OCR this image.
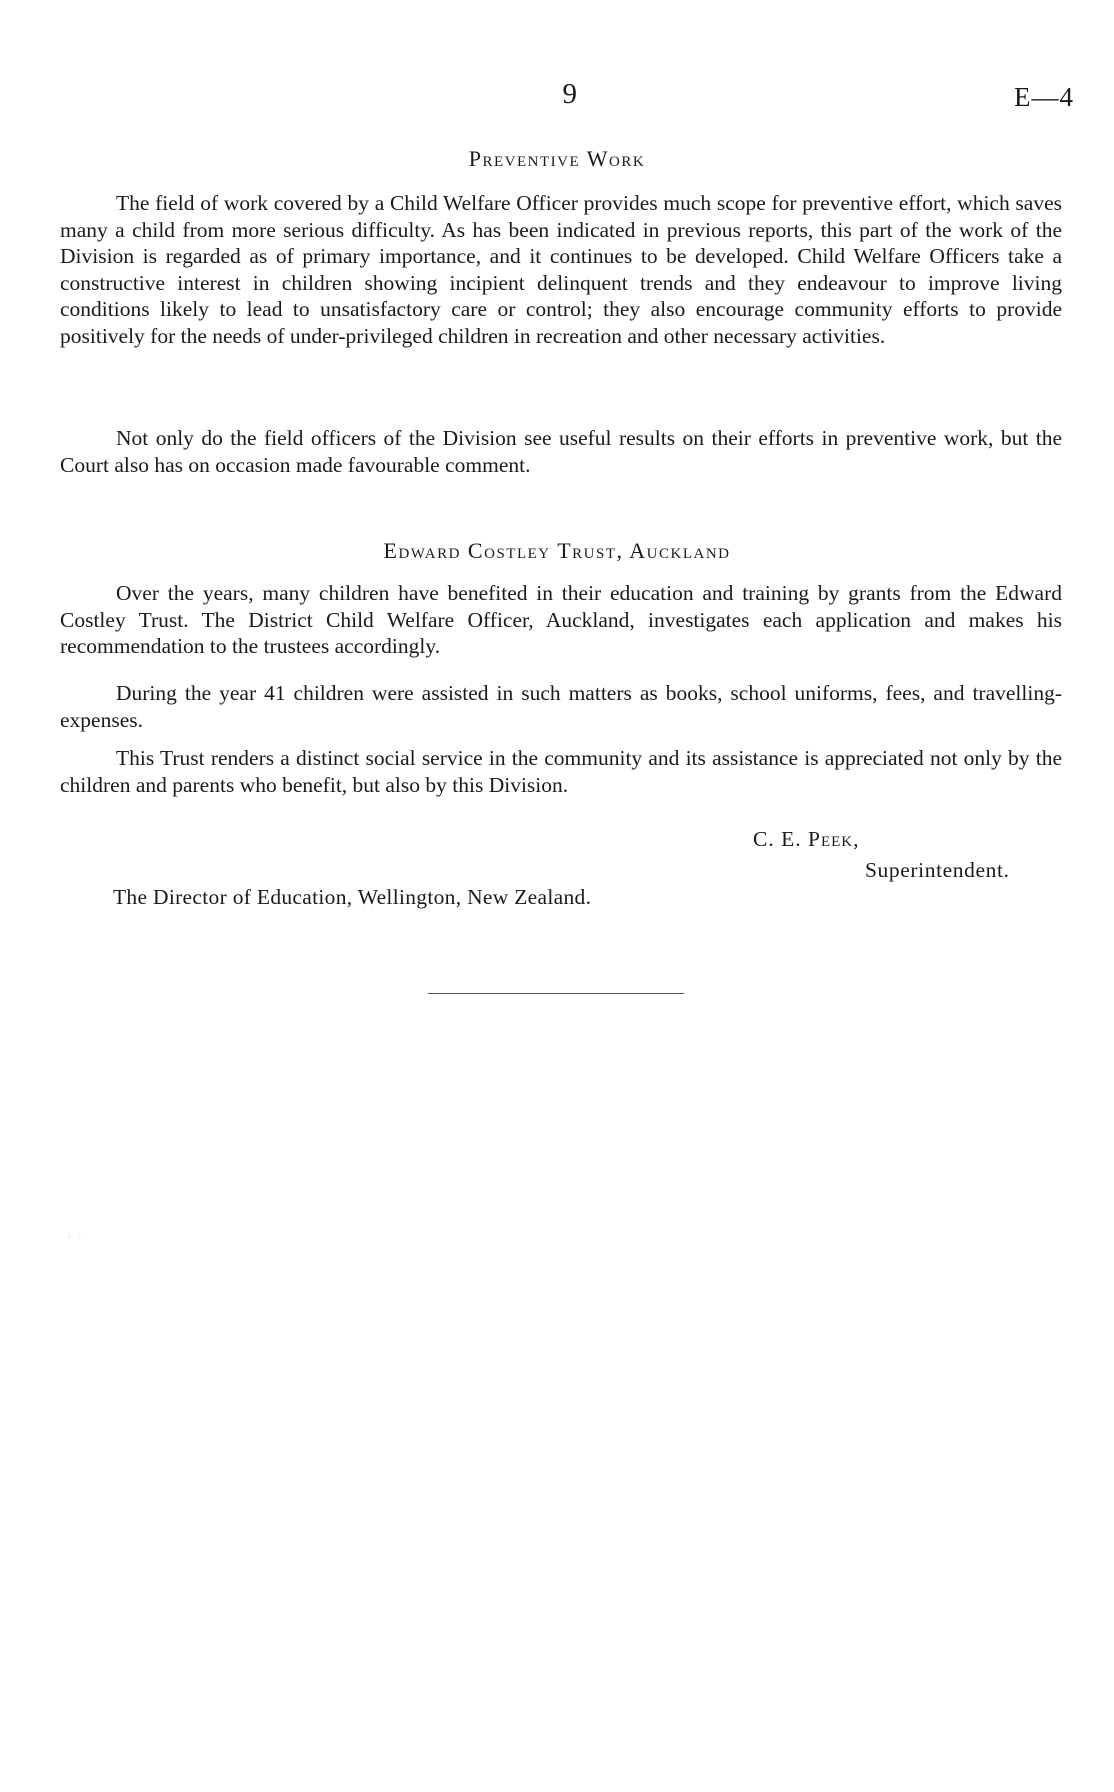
9	E—4
Preventive Work

The field of work covered by a Child Welfare Officer provides much scope for preventive effort, which saves many a child from more serious difficulty. As has been indicated in previous reports, this part of the work of the Division is regarded as of primary importance, and it continues to be developed. Child Welfare Officers take a constructive interest in children showing incipient delinquent trends and they endeavour to improve living conditions likely to lead to unsatisfactory care or control; they also encourage community efforts to provide positively for the needs of under-privileged children in recreation and other necessary activities.

Not only do the field officers of the Division see useful results on their efforts in preventive work, but the Court also has on occasion made favourable comment.

Edward Costley Trust, Auckland

Over the years, many children have benefited in their education and training by grants from the Edward Costley Trust. The District Child Welfare Officer, Auckland, investigates each application and makes his recommendation to the trustees accordingly.

During the year 41 children were assisted in such matters as books, school uniforms, fees, and travelling-expenses.

This Trust renders a distinct social service in the community and its assistance is appreciated not only by the children and parents who benefit, but also by this Division.

C. E. Peek,
Superintendent.
The Director of Education, Wellington, New Zealand.
· ·
